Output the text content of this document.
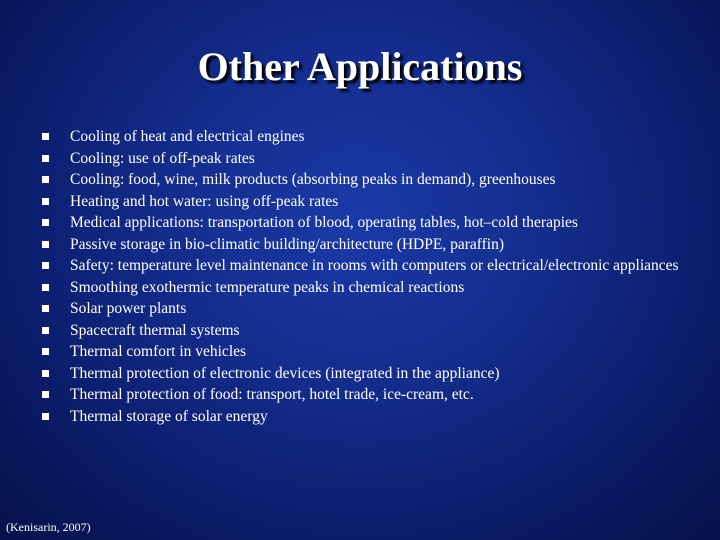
Other Applications
Cooling of heat and electrical engines
Cooling: use of off-peak rates
Cooling: food, wine, milk products (absorbing peaks in demand), greenhouses
Heating and hot water: using off-peak rates
Medical applications: transportation of blood, operating tables, hot–cold therapies
Passive storage in bio-climatic building/architecture (HDPE, paraffin)
Safety: temperature level maintenance in rooms with computers or electrical/electronic appliances
Smoothing exothermic temperature peaks in chemical reactions
Solar power plants
Spacecraft thermal systems
Thermal comfort in vehicles
Thermal protection of electronic devices (integrated in the appliance)
Thermal protection of food: transport, hotel trade, ice-cream, etc.
Thermal storage of solar energy
(Kenisarin, 2007)
